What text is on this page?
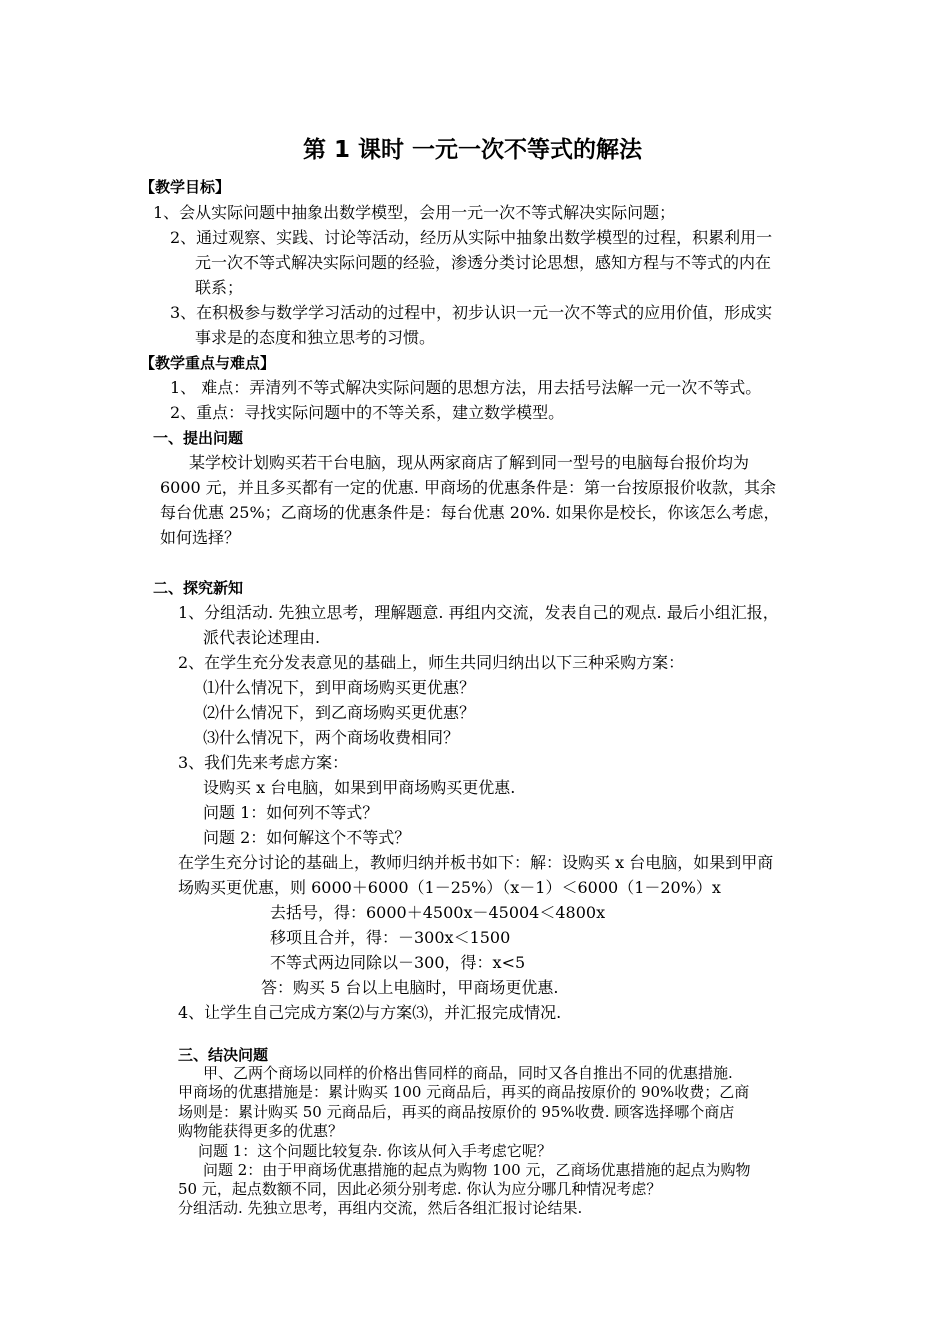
第 1 课时 一元一次不等式的解法
【教学目标】
1、会从实际问题中抽象出数学模型，会用一元一次不等式解决实际问题；
2、通过观察、实践、讨论等活动，经历从实际中抽象出数学模型的过程，积累利用一
元一次不等式解决实际问题的经验，渗透分类讨论思想，感知方程与不等式的内在
联系；
3、在积极参与数学学习活动的过程中，初步认识一元一次不等式的应用价值，形成实
事求是的态度和独立思考的习惯。
【教学重点与难点】
1、 难点：弄清列不等式解决实际问题的思想方法，用去括号法解一元一次不等式。
2、重点：寻找实际问题中的不等关系，建立数学模型。
一、提出问题
某学校计划购买若干台电脑，现从两家商店了解到同一型号的电脑每台报价均为
6000 元，并且多买都有一定的优惠. 甲商场的优惠条件是：第一台按原报价收款，其余
每台优惠 25%；乙商场的优惠条件是：每台优惠 20%. 如果你是校长，你该怎么考虑，
如何选择？
二、探究新知
1、分组活动. 先独立思考，理解题意. 再组内交流，发表自己的观点. 最后小组汇报，
派代表论述理由.
2、在学生充分发表意见的基础上，师生共同归纳出以下三种采购方案：
⑴什么情况下，到甲商场购买更优惠？
⑵什么情况下，到乙商场购买更优惠？
⑶什么情况下，两个商场收费相同？
3、我们先来考虑方案：
设购买 x 台电脑，如果到甲商场购买更优惠.
问题 1：如何列不等式？
问题 2：如何解这个不等式？
在学生充分讨论的基础上，教师归纳并板书如下：解：设购买 x 台电脑，如果到甲商
场购买更优惠，则 6000＋6000（1－25%）（x－1）＜6000（1－20%）x
去括号，得：6000＋4500x－45004＜4800x
移项且合并，得：－300x＜1500
不等式两边同除以－300，得：x<5
答：购买 5 台以上电脑时，甲商场更优惠.
4、让学生自己完成方案⑵与方案⑶，并汇报完成情况.
三、结决问题
甲、乙两个商场以同样的价格出售同样的商品，同时又各自推出不同的优惠措施.
甲商场的优惠措施是：累计购买 100 元商品后，再买的商品按原价的 90%收费；乙商
场则是：累计购买 50 元商品后，再买的商品按原价的 95%收费. 顾客选择哪个商店
购物能获得更多的优惠？
问题 1：这个问题比较复杂. 你该从何入手考虑它呢？
问题 2：由于甲商场优惠措施的起点为购物 100 元，乙商场优惠措施的起点为购物
50 元，起点数额不同，因此必须分别考虑. 你认为应分哪几种情况考虑？
分组活动. 先独立思考，再组内交流，然后各组汇报讨论结果.
